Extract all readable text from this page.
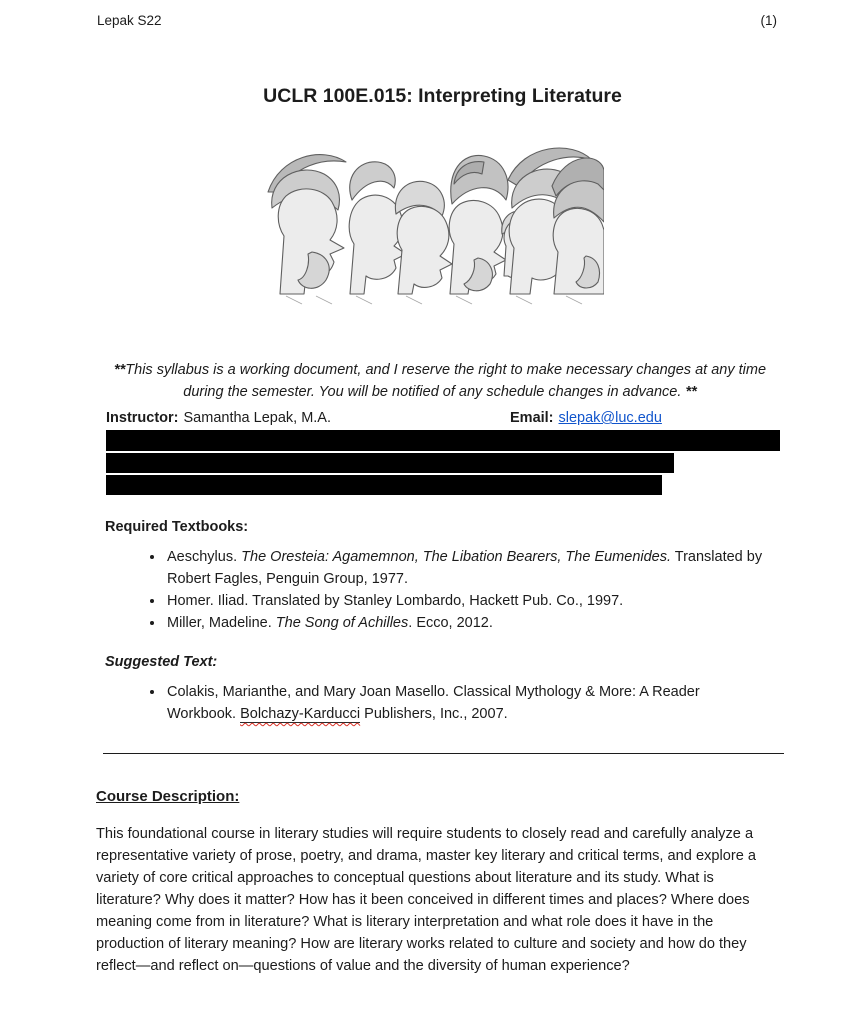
Lepak S22	(1)
UCLR 100E.015: Interpreting Literature

**This syllabus is a working document, and I reserve the right to make necessary changes at any time during the semester. You will be notified of any schedule changes in advance. **

Instructor: Samantha Lepak, M.A.	Email: slepak@luc.edu
Required Textbooks:
• Aeschylus. The Oresteia: Agamemnon, The Libation Bearers, The Eumenides. Translated by Robert Fagles, Penguin Group, 1977.
• Homer. Iliad. Translated by Stanley Lombardo, Hackett Pub. Co., 1997.
• Miller, Madeline. The Song of Achilles. Ecco, 2012.
Suggested Text:
• Colakis, Marianthe, and Mary Joan Masello. Classical Mythology & More: A Reader Workbook. Bolchazy-Karducci Publishers, Inc., 2007.
Course Description:

This foundational course in literary studies will require students to closely read and carefully analyze a representative variety of prose, poetry, and drama, master key literary and critical terms, and explore a variety of core critical approaches to conceptual questions about literature and its study. What is literature? Why does it matter? How has it been conceived in different times and places? Where does meaning come from in literature? What is literary interpretation and what role does it have in the production of literary meaning? How are literary works related to culture and society and how do they reflect—and reflect on—questions of value and the diversity of human experience?
